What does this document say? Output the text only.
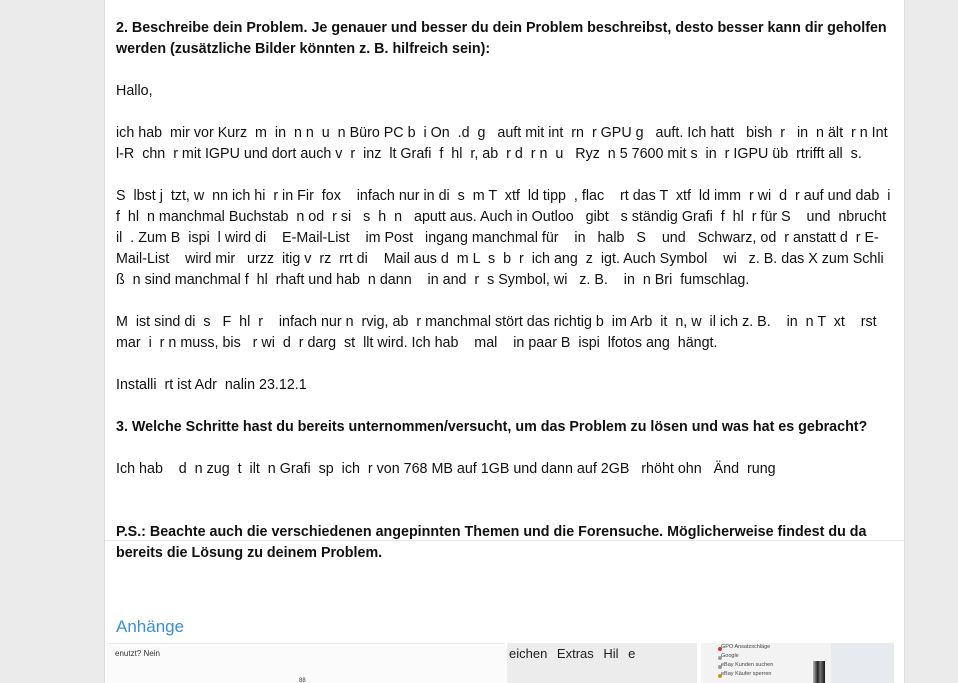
2. Beschreibe dein Problem. Je genauer und besser du dein Problem beschreibst, desto besser kann dir geholfen werden (zusätzliche Bilder könnten z. B. hilfreich sein):

Hallo,

ich hab  mir vor Kurz  m  in  n n  u  n Büro PC b  i On  .d  g   auft mit int  rn  r GPU g   auft. Ich hatt   bish  r   in  n ält  r n Int  l-R  chn  r mit IGPU und dort auch v  r  inz  lt Grafi  f  hl  r, ab  r d  r n  u   Ryz  n 5 7600 mit s  in  r IGPU üb  rtrifft all  s.

S  lbst j  tzt, w  nn ich hi  r in Fir  fox    infach nur in di  s  m T  xtf  ld tipp  , flac    rt das T  xtf  ld imm  r wi  d  r auf und dab  i f  hl  n manchmal Buchstab  n od  r si   s  h  n   aputt aus. Auch in Outloo   gibt   s ständig Grafi  f  hl  r für S    und  nbrucht  il  . Zum B  ispi  l wird di    E-Mail-List    im Post   ingang manchmal für    in   halb   S    und   Schwarz, od  r anstatt d  r E-Mail-List    wird mir   urzz  itig v  rz  rrt di    Mail aus d  m L  s  b  r  ich ang  z  igt. Auch Symbol    wi   z. B. das X zum Schli   ß  n sind manchmal f  hl  rhaft und hab  n dann    in and  r  s Symbol, wi   z. B.    in  n Bri  fumschlag.

M  ist sind di  s   F  hl  r    infach nur n  rvig, ab  r manchmal stört das richtig b  im Arb  it  n, w  il ich z. B.    in  n T  xt    rst mar  i  r n muss, bis   r wi  d  r darg  st  llt wird. Ich hab    mal    in paar B  ispi  lfotos ang  hängt.

Installi  rt ist Adr  nalin 23.12.1

3. Welche Schritte hast du bereits unternommen/versucht, um das Problem zu lösen und was hat es gebracht?

Ich hab    d  n zug  t  ilt  n Grafi  sp  ich  r von 768 MB auf 1GB und dann auf 2GB   rhöht ohn   Änd  rung

P.S.: Beachte auch die verschiedenen angepinnten Themen und die Forensuche. Möglicherweise findest du da bereits die Lösung zu deinem Problem.

Anhänge
enutzt? Nein
88
eichen Extras Hil e	GPO Ansatzschläge
Google
eBay Kunden suchen
eBay Käufer sperren
